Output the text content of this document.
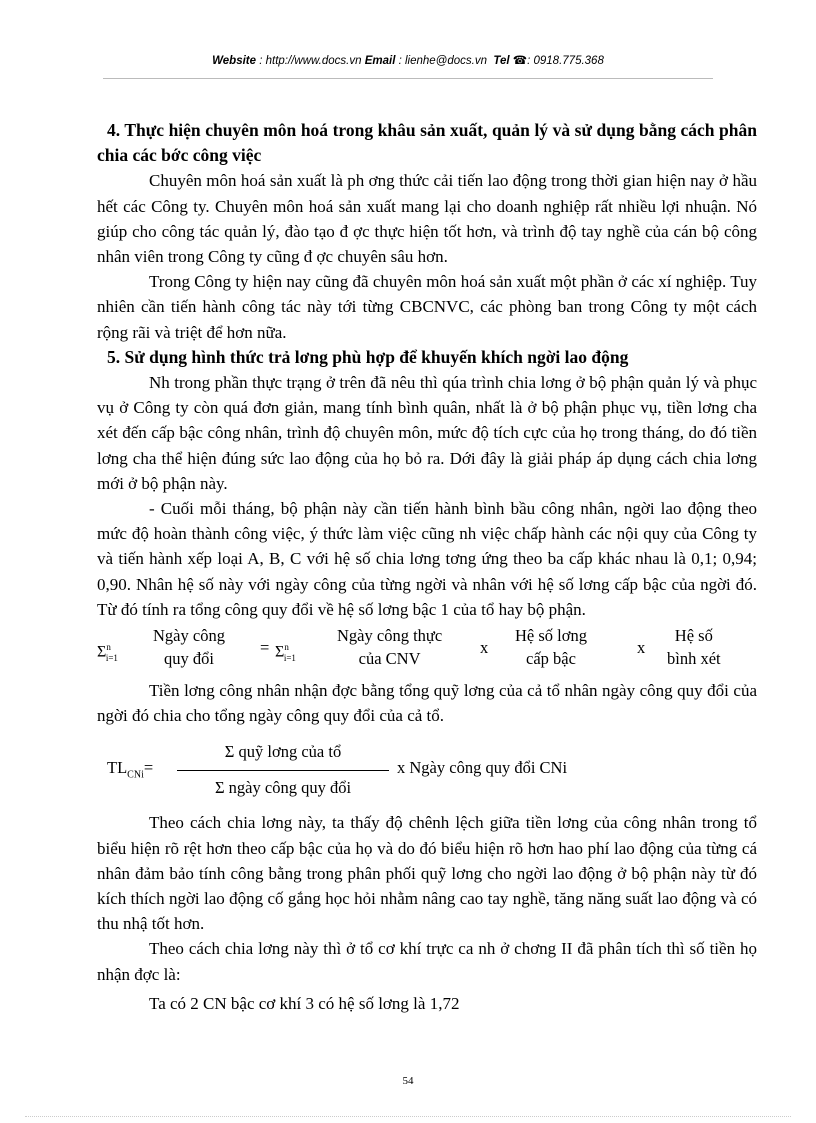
Website : http://www.docs.vn Email : lienhe@docs.vn Tel ☎: 0918.775.368

4. Thực hiện chuyên môn hoá trong khâu sản xuất, quản lý và sử dụng bằng cách phân chia các bớc công việc

Chuyên môn hoá sản xuất là ph ơng thức cải tiến lao động trong thời gian hiện nay ở hầu hết các Công ty. Chuyên môn hoá sản xuất mang lại cho doanh nghiệp rất nhiều lợi nhuận. Nó giúp cho công tác quản lý, đào tạo đ ợc thực hiện tốt hơn, và trình độ tay nghề của cán bộ công nhân viên trong Công ty cũng đ ợc chuyên sâu hơn.

Trong Công ty hiện nay cũng đã chuyên môn hoá sản xuất một phần ở các xí nghiệp. Tuy nhiên cần tiến hành công tác này tới từng CBCNVC, các phòng ban trong Công ty một cách rộng rãi và triệt để hơn nữa.

5. Sử dụng hình thức trả lơng phù hợp để khuyến khích ngời lao động

Nh trong phần thực trạng ở trên đã nêu thì qúa trình chia lơng ở bộ phận quản lý và phục vụ ở Công ty còn quá đơn giản, mang tính bình quân, nhất là ở bộ phận phục vụ, tiền lơng cha xét đến cấp bậc công nhân, trình độ chuyên môn, mức độ tích cực của họ trong tháng, do đó tiền lơng cha thể hiện đúng sức lao động của họ bỏ ra. Dới đây là giải pháp áp dụng cách chia lơng mới ở bộ phận này.

- Cuối mỗi tháng, bộ phận này cần tiến hành bình bầu công nhân, ngời lao động theo mức độ hoàn thành công việc, ý thức làm việc cũng nh việc chấp hành các nội quy của Công ty và tiến hành xếp loại A, B, C với hệ số chia lơng tơng ứng theo ba cấp khác nhau là 0,1; 0,94; 0,90. Nhân hệ số này với ngày công của từng ngời và nhân với hệ số lơng cấp bậc của ngời đó. Từ đó tính ra tổng công quy đổi về hệ số lơng bậc 1 của tổ hay bộ phận.

$\Sigma^n_{i=1}$
Ngày công
quy đổi
= $\Sigma^n_{i=1}$
Ngày công thực
của CNV
x
Hệ số lơng
cấp bậc
x
Hệ số
bình xét

Tiền lơng công nhân nhận đợc bằng tổng quỹ lơng của cả tổ nhân ngày công quy đổi của ngời đó chia cho tổng ngày công quy đổi của cả tổ.

$TL_{CNi}=$
Σ quỹ lơng của tổ
Σ ngày công quy đổi
x Ngày công quy đổi CNi

Theo cách chia lơng này, ta thấy độ chênh lệch giữa tiền lơng của công nhân trong tổ biểu hiện rõ rệt hơn theo cấp bậc của họ và do đó biểu hiện rõ hơn hao phí lao động của từng cá nhân đảm bảo tính công bằng trong phân phối quỹ lơng cho ngời lao động ở bộ phận này từ đó kích thích ngời lao động cố gắng học hỏi nhằm nâng cao tay nghề, tăng năng suất lao động và có thu nhậ tốt hơn.

Theo cách chia lơng này thì ở tổ cơ khí trực ca nh ở chơng II đã phân tích thì số tiền họ nhận đợc là:

Ta có 2 CN bậc cơ khí 3 có hệ số lơng là 1,72

54
